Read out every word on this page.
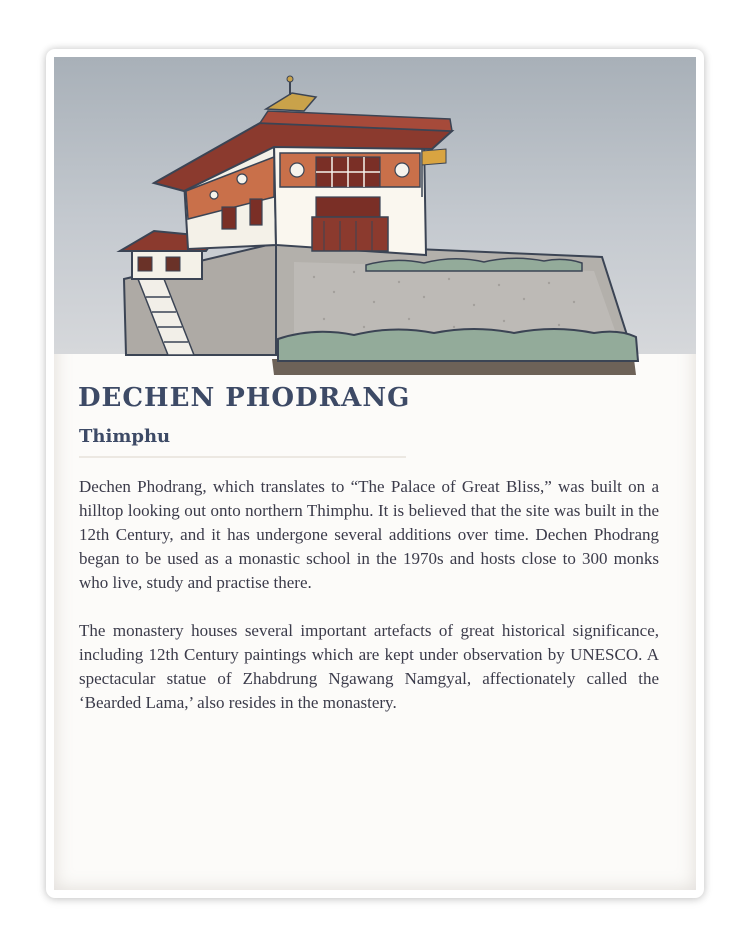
DECHEN PHODRANG
Thimphu

Dechen Phodrang, which translates to “The Palace of Great Bliss,” was built on a hilltop looking out onto northern Thimphu. It is believed that the site was built in the 12th Century, and it has undergone several additions over time. Dechen Phodrang began to be used as a monastic school in the 1970s and hosts close to 300 monks who live, study and practise there.

The monastery houses several important artefacts of great historical significance, including 12th Century paintings which are kept under observation by UNESCO. A spectacular statue of Zhabdrung Ngawang Namgyal, affectionately called the ‘Bearded Lama,’ also resides in the monastery.
